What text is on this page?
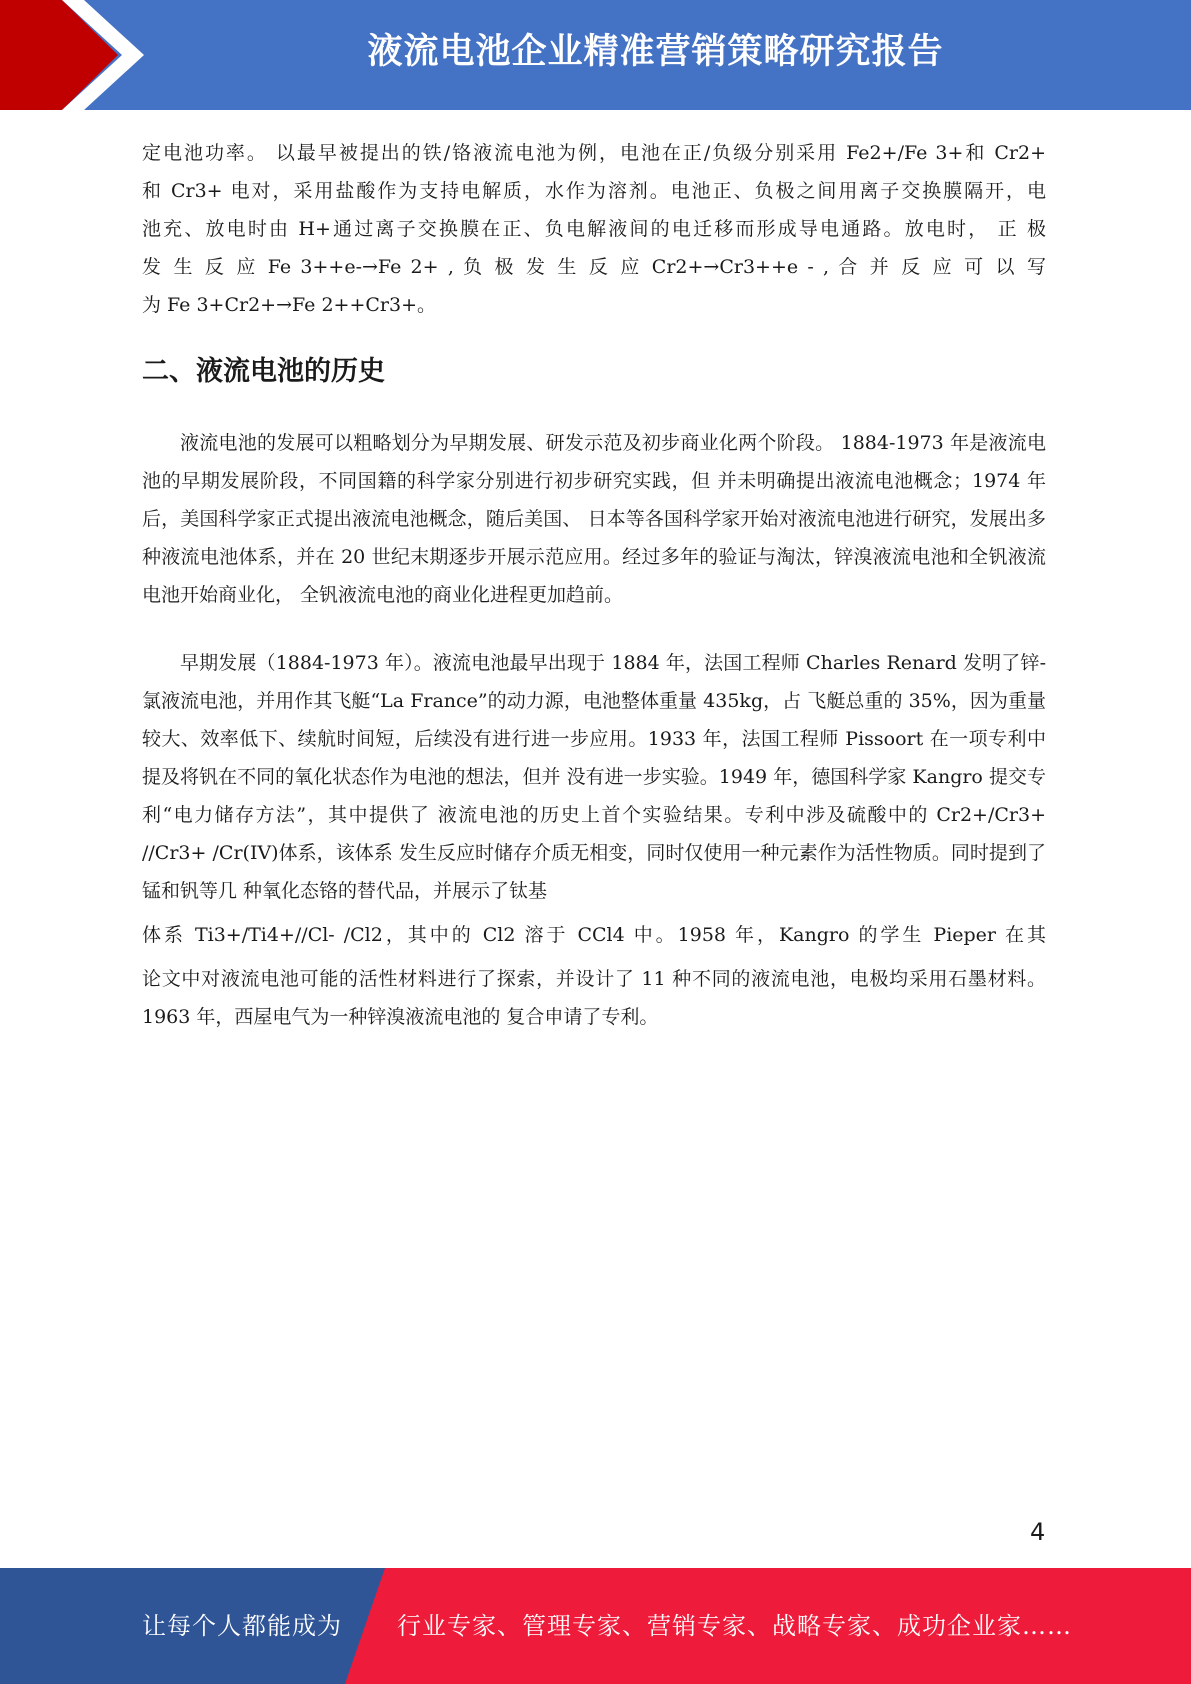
液流电池企业精准营销策略研究报告

定电池功率。 以最早被提出的铁/铬液流电池为例，电池在正/负级分别采用 Fe2+/Fe 3+和 Cr2+

和 Cr3+ 电对，采用盐酸作为支持电解质，水作为溶剂。电池正、负极之间用离子交换膜隔开，电

池充、放电时由 H+通过离子交换膜在正、负电解液间的电迁移而形成导电通路。放电时， 正 极

发 生 反 应 Fe 3++e-→Fe 2+ , 负 极 发 生 反 应 Cr2+→Cr3++e - , 合 并 反 应 可 以 写

为 Fe 3+Cr2+→Fe 2++Cr3+。

二、液流电池的历史

液流电池的发展可以粗略划分为早期发展、研发示范及初步商业化两个阶段。 1884-1973 年是液流电池的早期发展阶段，不同国籍的科学家分别进行初步研究实践，但 并未明确提出液流电池概念；1974 年后，美国科学家正式提出液流电池概念，随后美国、 日本等各国科学家开始对液流电池进行研究，发展出多种液流电池体系，并在 20 世纪末期逐步开展示范应用。经过多年的验证与淘汰，锌溴液流电池和全钒液流电池开始商业化， 全钒液流电池的商业化进程更加趋前。

早期发展（1884-1973 年）。液流电池最早出现于 1884 年，法国工程师 Charles Renard 发明了锌-氯液流电池，并用作其飞艇“La France”的动力源，电池整体重量 435kg，占 飞艇总重的 35%，因为重量较大、效率低下、续航时间短，后续没有进行进一步应用。1933 年，法国工程师 Pissoort 在一项专利中提及将钒在不同的氧化状态作为电池的想法，但并 没有进一步实验。1949 年，德国科学家 Kangro 提交专利“电力储存方法”，其中提供了 液流电池的历史上首个实验结果。专利中涉及硫酸中的 Cr2+/Cr3+ //Cr3+ /Cr(IV)体系，该体系 发生反应时储存介质无相变，同时仅使用一种元素作为活性物质。同时提到了锰和钒等几 种氧化态铬的替代品，并展示了钛基

体系 Ti3+/Ti4+//Cl- /Cl2，其中的 Cl2 溶于 CCl4 中。1958 年，Kangro 的学生 Pieper 在其

论文中对液流电池可能的活性材料进行了探索，并设计了 11 种不同的液流电池，电极均采用石墨材料。1963 年，西屋电气为一种锌溴液流电池的 复合申请了专利。

4
让每个人都能成为 行业专家、管理专家、营销专家、战略专家、成功企业家……
